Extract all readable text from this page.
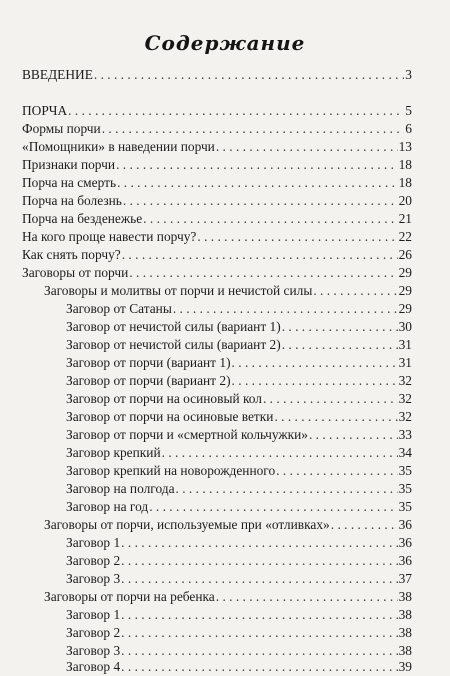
Содержание
ВВЕДЕНИЕ . . .	3
ПОРЧА . . .	5
Формы порчи . . .	6
«Помощники» в наведении порчи . . .	13
Признаки порчи . . .	18
Порча на смерть . . .	18
Порча на болезнь . . .	20
Порча на безденежье . . .	21
На кого проще навести порчу? . . .	22
Как снять порчу? . . .	26
Заговоры от порчи . . .	29
Заговоры и молитвы от порчи и нечистой силы . . .	29
Заговор от Сатаны . . .	29
Заговор от нечистой силы (вариант 1) . . .	30
Заговор от нечистой силы (вариант 2) . . .	31
Заговор от порчи (вариант 1) . . .	31
Заговор от порчи (вариант 2) . . .	32
Заговор от порчи на осиновый кол . . .	32
Заговор от порчи на осиновые ветки . . .	32
Заговор от порчи и «смертной кольчужки» . . .	33
Заговор крепкий . . .	34
Заговор крепкий на новорожденного . . .	35
Заговор на полгода . . .	35
Заговор на год . . .	35
Заговоры от порчи, используемые при «отливках» . . .	36
Заговор 1 . . .	36
Заговор 2 . . .	36
Заговор 3 . . .	37
Заговоры от порчи на ребенка . . .	38
Заговор 1 . . .	38
Заговор 2 . . .	38
Заговор 3 . . .	38
Заговор 4 . . .	39
